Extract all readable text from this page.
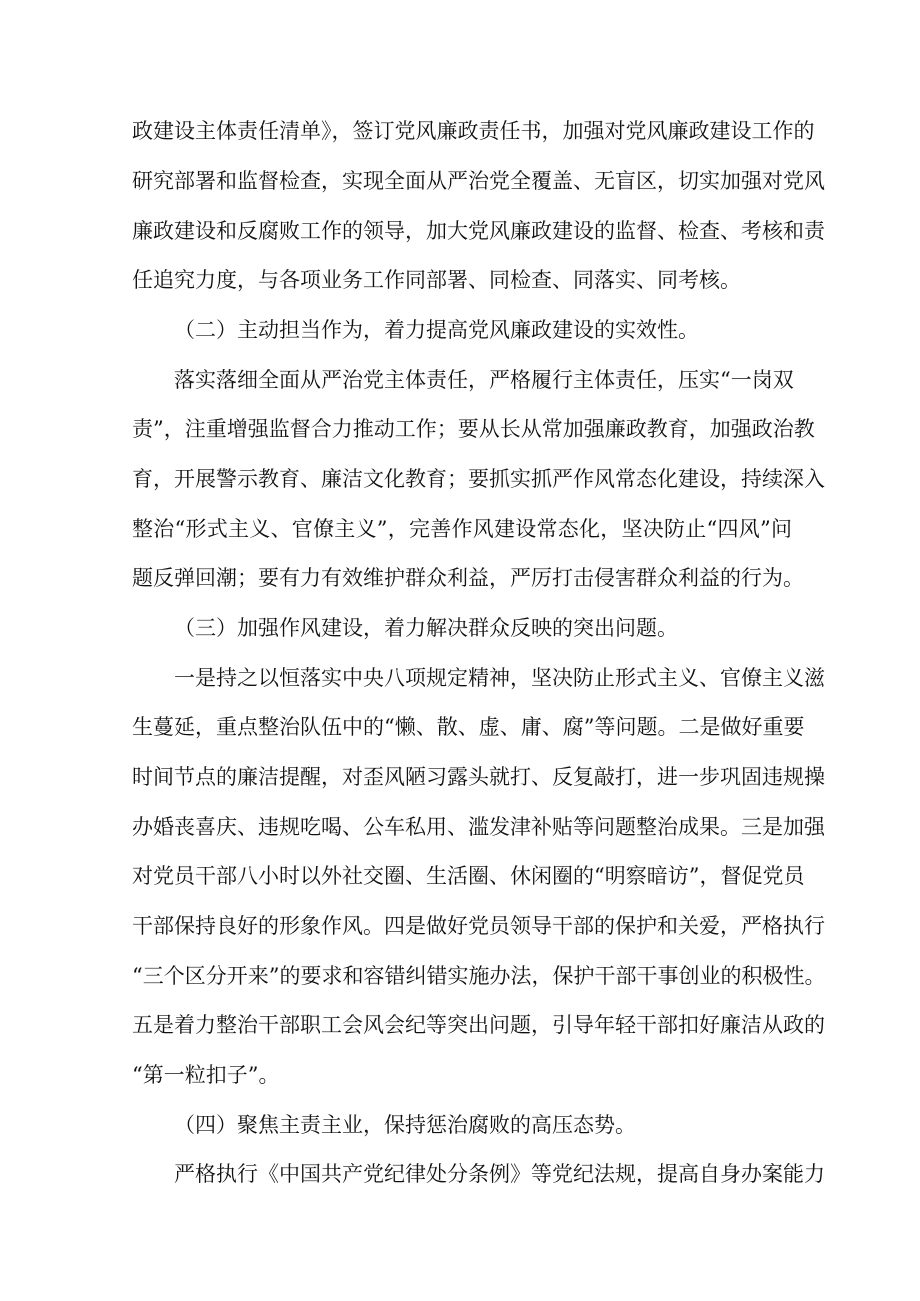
政建设主体责任清单》，签订党风廉政责任书，加强对党风廉政建设工作的
研究部署和监督检查，实现全面从严治党全覆盖、无盲区，切实加强对党风
廉政建设和反腐败工作的领导，加大党风廉政建设的监督、检查、考核和责
任追究力度，与各项业务工作同部署、同检查、同落实、同考核。
（二）主动担当作为，着力提高党风廉政建设的实效性。
落实落细全面从严治党主体责任，严格履行主体责任，压实“一岗双
责”，注重增强监督合力推动工作；要从长从常加强廉政教育，加强政治教
育，开展警示教育、廉洁文化教育；要抓实抓严作风常态化建设，持续深入
整治“形式主义、官僚主义”，完善作风建设常态化，坚决防止“四风”问
题反弹回潮；要有力有效维护群众利益，严厉打击侵害群众利益的行为。
（三）加强作风建设，着力解决群众反映的突出问题。
一是持之以恒落实中央八项规定精神，坚决防止形式主义、官僚主义滋
生蔓延，重点整治队伍中的“懒、散、虚、庸、腐”等问题。二是做好重要
时间节点的廉洁提醒，对歪风陋习露头就打、反复敲打，进一步巩固违规操
办婚丧喜庆、违规吃喝、公车私用、滥发津补贴等问题整治成果。三是加强
对党员干部八小时以外社交圈、生活圈、休闲圈的“明察暗访”，督促党员
干部保持良好的形象作风。四是做好党员领导干部的保护和关爱，严格执行
“三个区分开来”的要求和容错纠错实施办法，保护干部干事创业的积极性。
五是着力整治干部职工会风会纪等突出问题，引导年轻干部扣好廉洁从政的
“第一粒扣子”。
（四）聚焦主责主业，保持惩治腐败的高压态势。
严格执行《中国共产党纪律处分条例》等党纪法规，提高自身办案能力
